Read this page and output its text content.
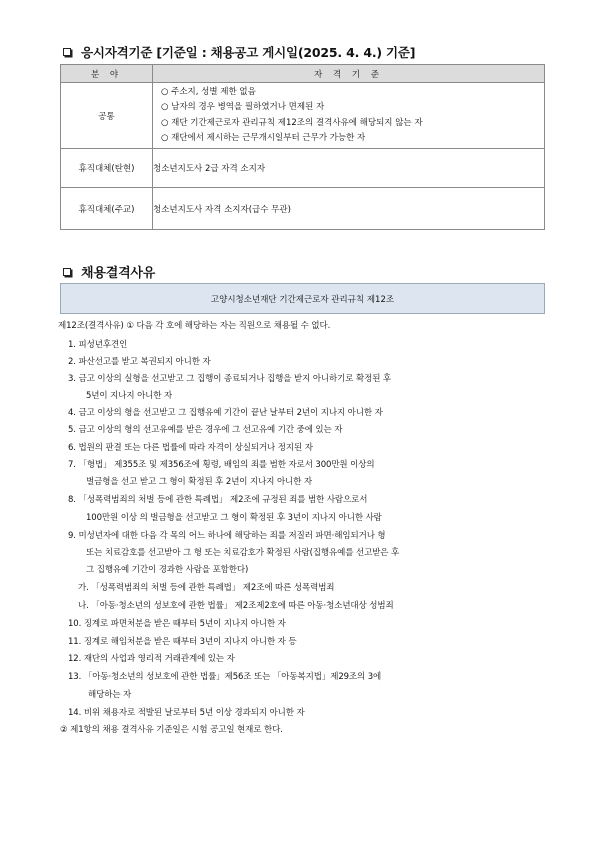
응시자격기준 [기준일 : 채용공고 게시일(2025. 4. 4.) 기준]
분 야	자 격 기 준
공통	○ 주소지, 성별 제한 없음
○ 남자의 경우 병역을 필하였거나 면제된 자
○ 재단 기간제근로자 관리규칙 제12조의 결격사유에 해당되지 않는 자
○ 재단에서 제시하는 근무개시일부터 근무가 가능한 자

휴직대체(탄현)	청소년지도사 2급 자격 소지자
휴직대체(주교)	청소년지도사 자격 소지자(급수 무관)
채용결격사유
고양시청소년재단 기간제근로자 관리규칙 제12조
제12조(결격사유) ① 다음 각 호에 해당하는 자는 직원으로 채용될 수 없다.
1. 피성년후견인
2. 파산선고를 받고 복권되지 아니한 자
3. 금고 이상의 실형을 선고받고 그 집행이 종료되거나 집행을 받지 아니하기로 확정된 후
5년이 지나지 아니한 자
4. 금고 이상의 형을 선고받고 그 집행유예 기간이 끝난 날부터 2년이 지나지 아니한 자
5. 금고 이상의 형의 선고유예를 받은 경우에 그 선고유예 기간 중에 있는 자
6. 법원의 판결 또는 다른 법률에 따라 자격이 상실되거나 정지된 자
7. 「형법」 제355조 및 제356조에 횡령, 배임의 죄를 범한 자로서 300만원 이상의
벌금형을 선고 받고 그 형이 확정된 후 2년이 지나지 아니한 자
8. 「성폭력범죄의 처벌 등에 관한 특례법」 제2조에 규정된 죄를 범한 사람으로서
100만원 이상 의 벌금형을 선고받고 그 형이 확정된 후 3년이 지나지 아니한 사람
9. 미성년자에 대한 다음 각 목의 어느 하나에 해당하는 죄를 저질러 파면‧해임되거나 형
또는 치료감호를 선고받아 그 형 또는 치료감호가 확정된 사람(집행유예를 선고받은 후
그 집행유예 기간이 경과한 사람을 포함한다)
가. 「성폭력범죄의 처벌 등에 관한 특례법」 제2조에 따른 성폭력범죄
나. 「아동‧청소년의 성보호에 관한 법률」 제2조제2호에 따른 아동‧청소년대상 성범죄
10. 징계로 파면처분을 받은 때부터 5년이 지나지 아니한 자
11. 징계로 해임처분을 받은 때부터 3년이 지나지 아니한 자 등
12. 재단의 사업과 영리적 거래관계에 있는 자
13. 「아동‧청소년의 성보호에 관한 법률」제56조 또는 「아동복지법」제29조의 3에
해당하는 자
14. 비위 채용자로 적발된 날로부터 5년 이상 경과되지 아니한 자
② 제1항의 채용 결격사유 기준일은 시험 공고일 현재로 한다.
